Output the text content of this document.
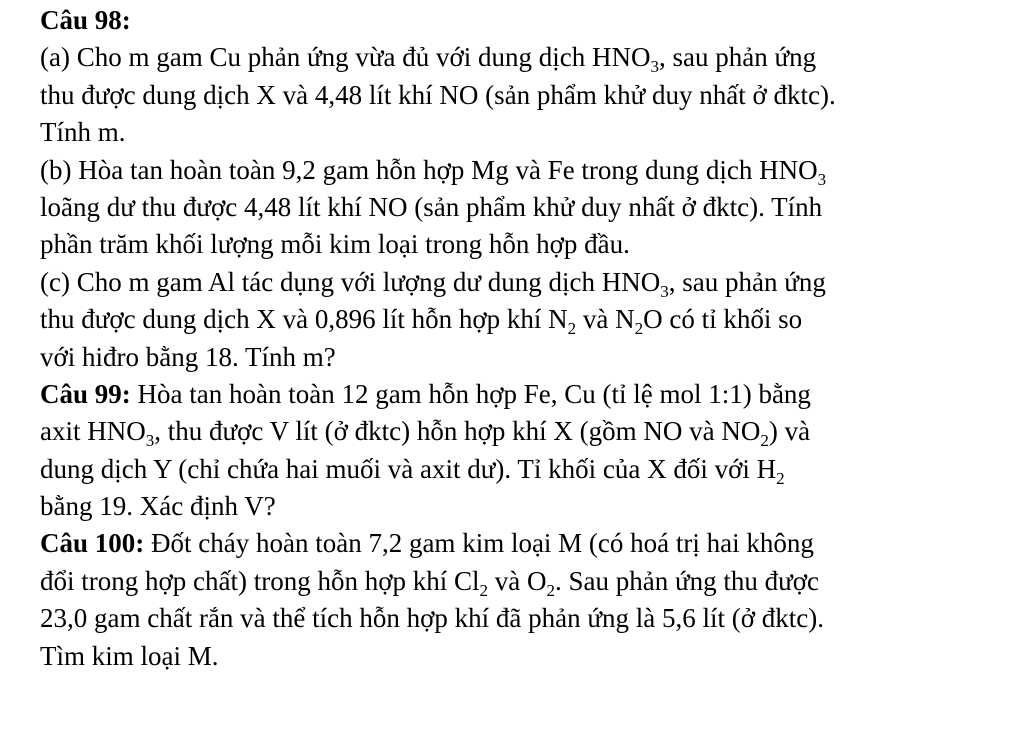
Câu 98:
(a) Cho m gam Cu phản ứng vừa đủ với dung dịch $HNO_3$, sau phản ứng
thu được dung dịch X và 4,48 lít khí NO (sản phẩm khử duy nhất ở đktc).
Tính m.
(b) Hòa tan hoàn toàn 9,2 gam hỗn hợp Mg và Fe trong dung dịch $HNO_3$
loãng dư thu được 4,48 lít khí NO (sản phẩm khử duy nhất ở đktc). Tính
phần trăm khối lượng mỗi kim loại trong hỗn hợp đầu.
(c) Cho m gam Al tác dụng với lượng dư dung dịch $HNO_3$, sau phản ứng
thu được dung dịch X và 0,896 lít hỗn hợp khí $N_2$ và $N_2O$ có tỉ khối so
với hiđro bằng 18. Tính m?
Câu 99: Hòa tan hoàn toàn 12 gam hỗn hợp Fe, Cu (tỉ lệ mol 1:1) bằng
axit $HNO_3$, thu được V lít (ở đktc) hỗn hợp khí X (gồm NO và $NO_2$) và
dung dịch Y (chỉ chứa hai muối và axit dư). Tỉ khối của X đối với $H_2$
bằng 19. Xác định V?
Câu 100: Đốt cháy hoàn toàn 7,2 gam kim loại M (có hoá trị hai không
đổi trong hợp chất) trong hỗn hợp khí $Cl_2$ và $O_2$. Sau phản ứng thu được
23,0 gam chất rắn và thể tích hỗn hợp khí đã phản ứng là 5,6 lít (ở đktc).
Tìm kim loại M.
